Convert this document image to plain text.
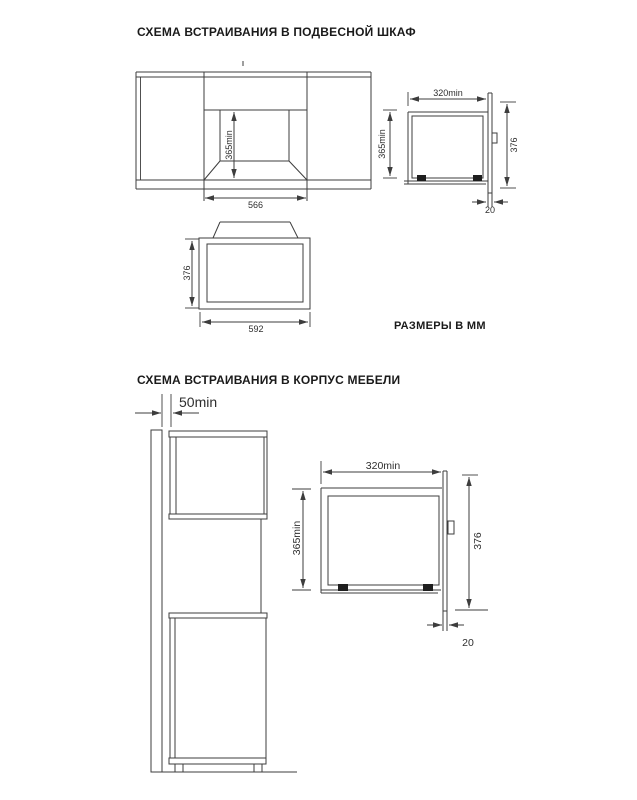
СХЕМА ВСТРАИВАНИЯ В ПОДВЕСНОЙ ШКАФ
СХЕМА ВСТРАИВАНИЯ В КОРПУС МЕБЕЛИ
РАЗМЕРЫ В ММ
365min
566
320min
365min	376
20
376
592
50min
320min
365min	376
20
